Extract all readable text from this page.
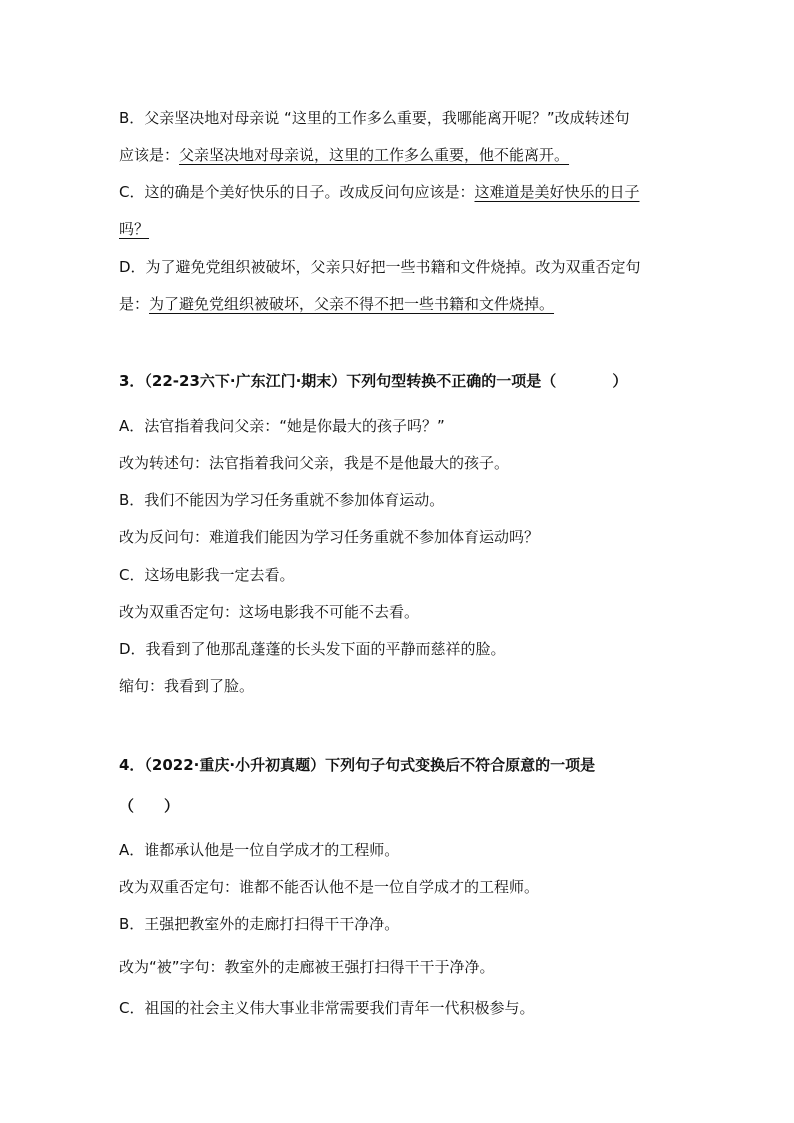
B．父亲坚决地对母亲说 “这里的工作多么重要，我哪能离开呢？”改成转述句
应该是：父亲坚决地对母亲说，这里的工作多么重要，他不能离开。
C．这的确是个美好快乐的日子。改成反问句应该是：这难道是美好快乐的日子
吗？
D．为了避免党组织被破坏，父亲只好把一些书籍和文件烧掉。改为双重否定句
是：为了避免党组织被破坏，父亲不得不把一些书籍和文件烧掉。
3．（22-23六下·广东江门·期末）下列句型转换不正确的一项是（	）
A．法官指着我问父亲：“她是你最大的孩子吗？”
改为转述句：法官指着我问父亲，我是不是他最大的孩子。
B．我们不能因为学习任务重就不参加体育运动。
改为反问句：难道我们能因为学习任务重就不参加体育运动吗？
C．这场电影我一定去看。
改为双重否定句：这场电影我不可能不去看。
D．我看到了他那乱蓬蓬的长头发下面的平静而慈祥的脸。
缩句：我看到了脸。
4．（2022·重庆·小升初真题）下列句子句式变换后不符合原意的一项是
（　　）
A．谁都承认他是一位自学成才的工程师。
改为双重否定句：谁都不能否认他不是一位自学成才的工程师。
B．王强把教室外的走廊打扫得干干净净。
改为“被”字句：教室外的走廊被王强打扫得干干于净净。
C．祖国的社会主义伟大事业非常需要我们青年一代积极参与。
